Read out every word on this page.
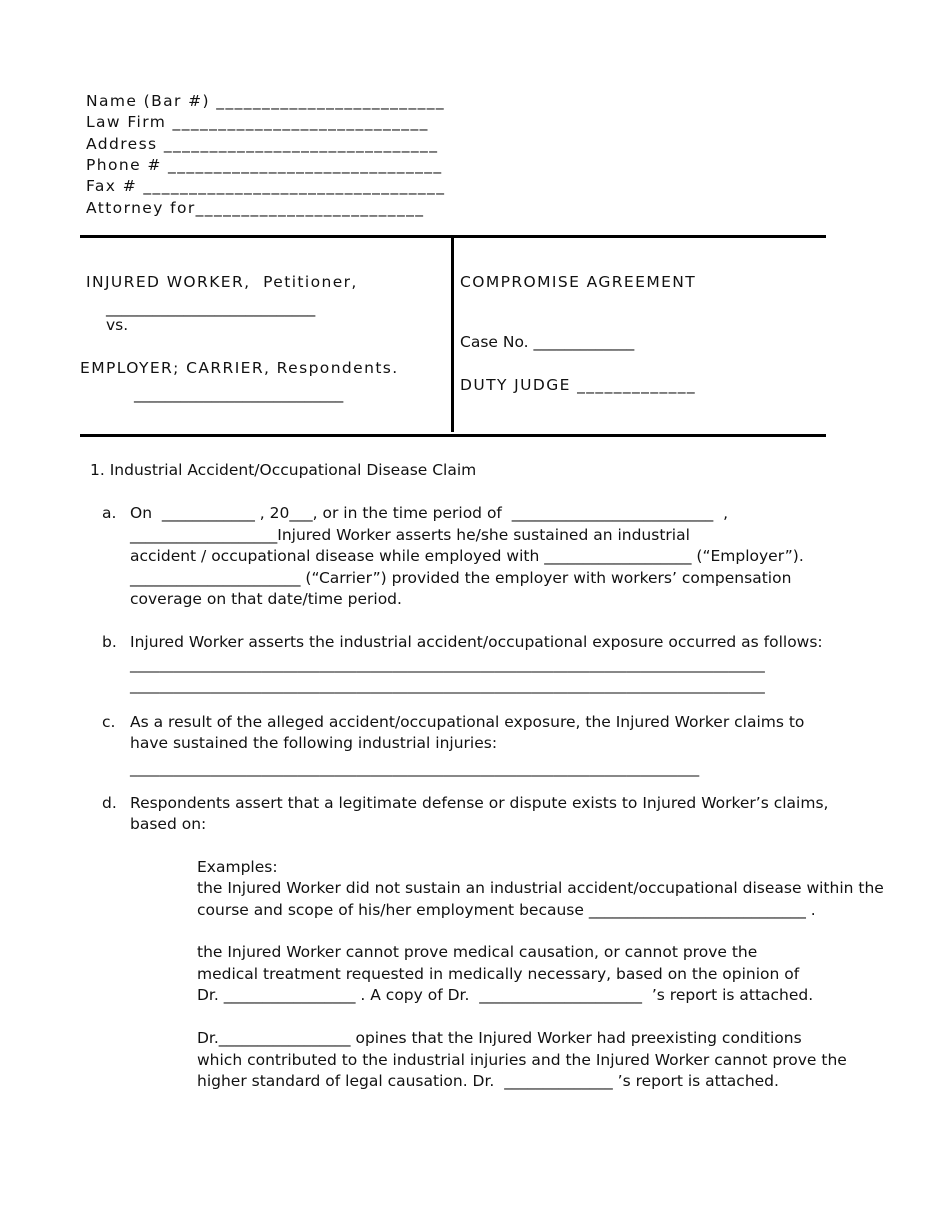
Name (Bar #) _________________________
Law Firm ____________________________
Address ______________________________
Phone # ______________________________
Fax # _________________________________
Attorney for_________________________
INJURED WORKER,  Petitioner,
___________________________
vs.
EMPLOYER; CARRIER, Respondents.
___________________________
COMPROMISE AGREEMENT
Case No. _____________
DUTY JUDGE _____________
1. Industrial Accident/Occupational Disease Claim
a. On  ____________ , 20___, or in the time period of  __________________________  ,
___________________Injured Worker asserts he/she sustained an industrial
accident / occupational disease while employed with ___________________ (“Employer”).
______________________ (“Carrier”) provided the employer with workers’ compensation
coverage on that date/time period.
b. Injured Worker asserts the industrial accident/occupational exposure occurred as follows:
_______________________________________________________________________________________
_______________________________________________________________________________________
c. As a result of the alleged accident/occupational exposure, the Injured Worker claims to
have sustained the following industrial injuries:
______________________________________________________________________________
d. Respondents assert that a legitimate defense or dispute exists to Injured Worker’s claims,
based on:
Examples:
the Injured Worker did not sustain an industrial accident/occupational disease within the
course and scope of his/her employment because ____________________________ .
the Injured Worker cannot prove medical causation, or cannot prove the
medical treatment requested in medically necessary, based on the opinion of
Dr. _________________ . A copy of Dr.  _____________________  ’s report is attached.
Dr._________________ opines that the Injured Worker had preexisting conditions
which contributed to the industrial injuries and the Injured Worker cannot prove the
higher standard of legal causation. Dr.  ______________ ’s report is attached.
